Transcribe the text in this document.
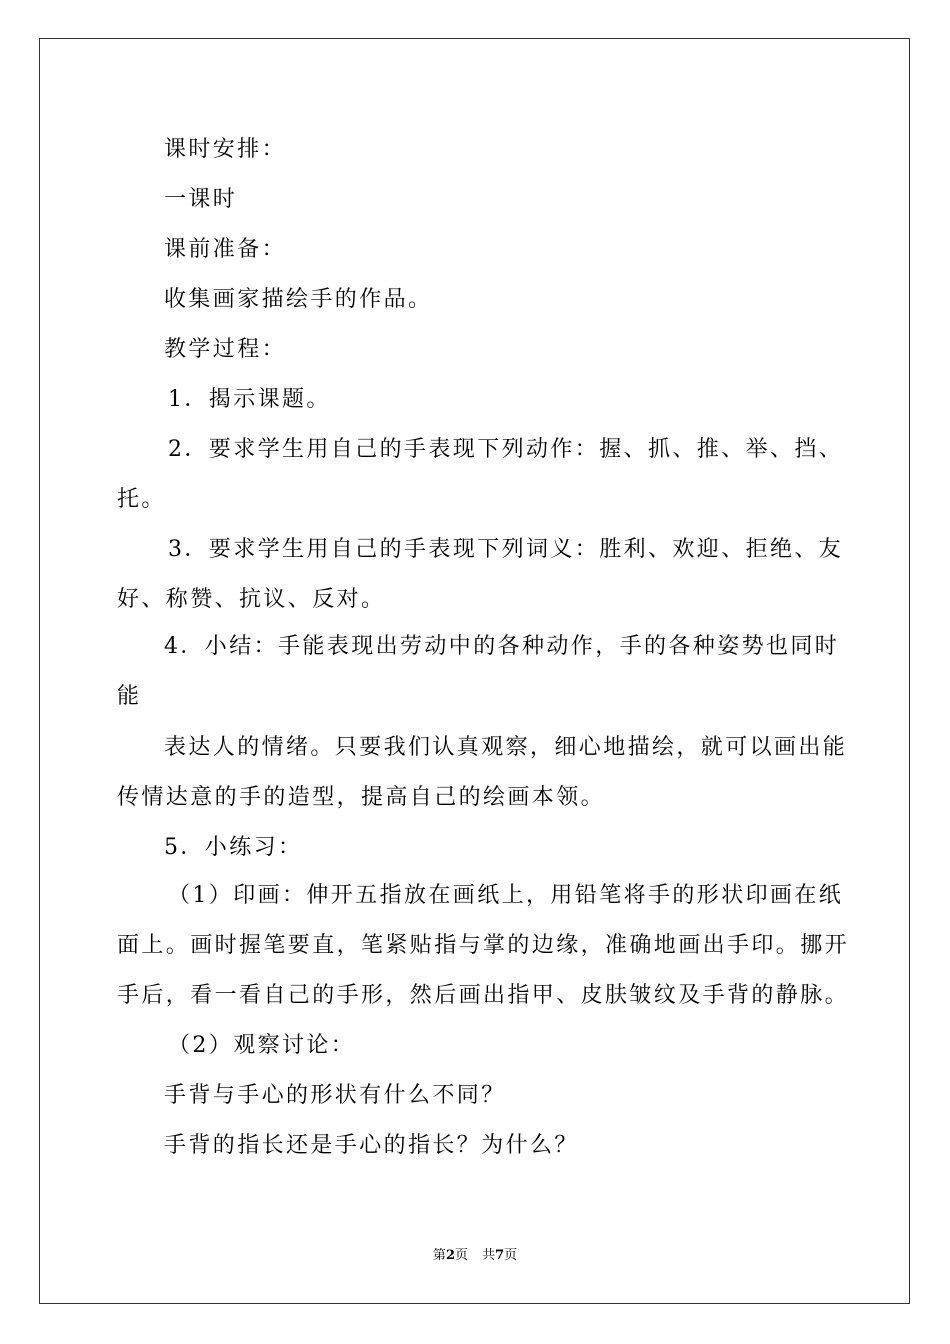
课时安排：
一课时
课前准备：
收集画家描绘手的作品。
教学过程：
1．揭示课题。
2．要求学生用自己的手表现下列动作：握、抓、推、举、挡、
托。
3．要求学生用自己的手表现下列词义：胜利、欢迎、拒绝、友
好、称赞、抗议、反对。
4．小结：手能表现出劳动中的各种动作，手的各种姿势也同时
能
表达人的情绪。只要我们认真观察，细心地描绘，就可以画出能
传情达意的手的造型，提高自己的绘画本领。
5．小练习：
（1）印画：伸开五指放在画纸上，用铅笔将手的形状印画在纸
面上。画时握笔要直，笔紧贴指与掌的边缘，准确地画出手印。挪开
手后，看一看自己的手形，然后画出指甲、皮肤皱纹及手背的静脉。
（2）观察讨论：
手背与手心的形状有什么不同？
手背的指长还是手心的指长？为什么？
第2页 共7页
